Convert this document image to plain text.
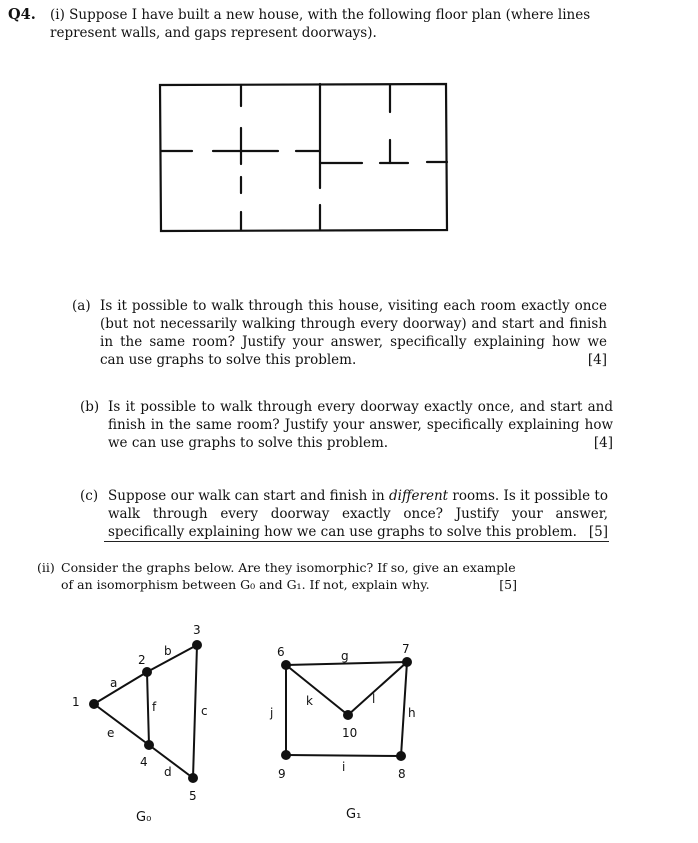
Q4. (i) Suppose I have built a new house, with the following floor plan (where lines represent walls, and gaps represent doorways).
(a) Is it possible to walk through this house, visiting each room exactly once (but not necessarily walking through every doorway) and start and finish in the same room? Justify your answer, specifically explaining how we can use graphs to solve this problem.	[4]
(b) Is it possible to walk through every doorway exactly once, and start and finish in the same room? Justify your answer, specifically explaining how we can use graphs to solve this problem.	[4]
(c) Suppose our walk can start and finish in different rooms. Is it possible to walk through every doorway exactly once? Justify your answer, specifically explaining how we can use graphs to solve this problem. [5]
(ii) Consider the graphs below. Are they isomorphic? If so, give an example of an isomorphism between G₀ and G₁. If not, explain why.	[5]
1
2
3
4
5
a
b
c
d
e
f
G₀
6	7
8
9
10
g
h
i
j
k	l
G₁
